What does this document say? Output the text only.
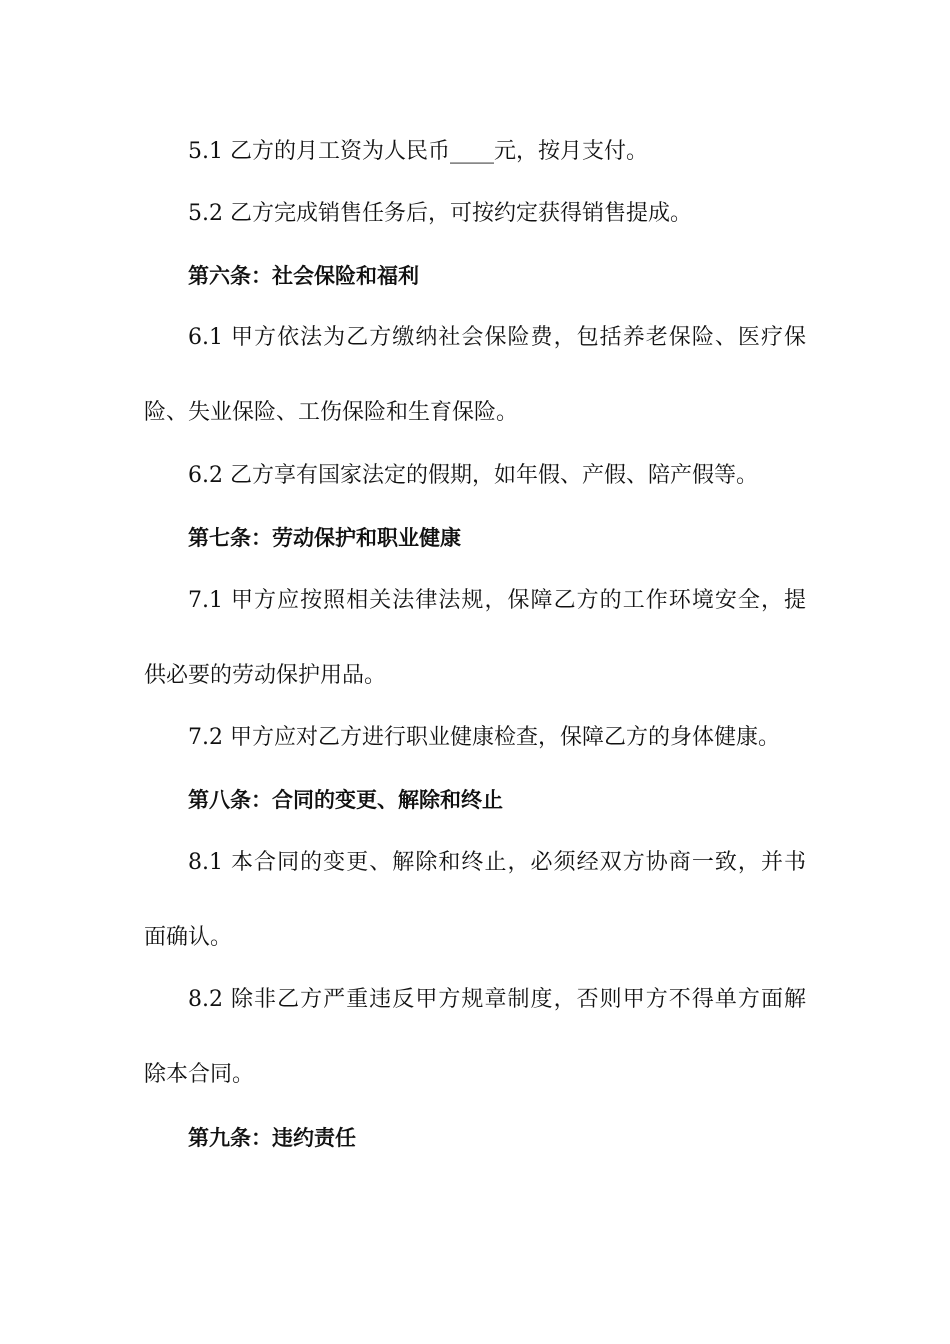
5.1 乙方的月工资为人民币____元，按月支付。
5.2 乙方完成销售任务后，可按约定获得销售提成。
第六条：社会保险和福利
6.1 甲方依法为乙方缴纳社会保险费，包括养老保险、医疗保
险、失业保险、工伤保险和生育保险。
6.2 乙方享有国家法定的假期，如年假、产假、陪产假等。
第七条：劳动保护和职业健康
7.1 甲方应按照相关法律法规，保障乙方的工作环境安全，提
供必要的劳动保护用品。
7.2 甲方应对乙方进行职业健康检查，保障乙方的身体健康。
第八条：合同的变更、解除和终止
8.1 本合同的变更、解除和终止，必须经双方协商一致，并书
面确认。
8.2 除非乙方严重违反甲方规章制度，否则甲方不得单方面解
除本合同。
第九条：违约责任
